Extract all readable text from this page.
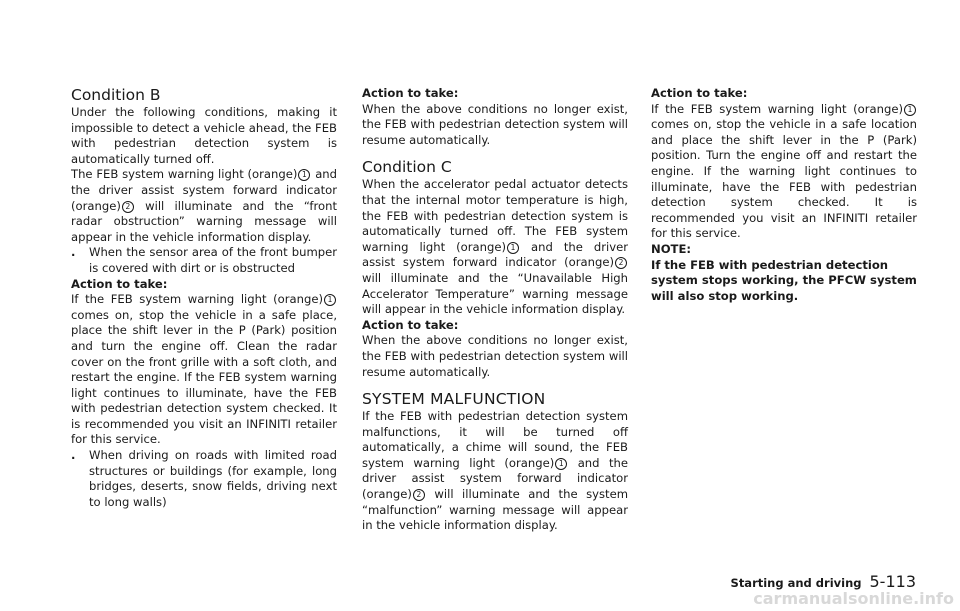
Condition B

Under the following conditions, making it impossible to detect a vehicle ahead, the FEB with pedestrian detection system is automatically turned off.

The FEB system warning light (orange) 1 and the driver assist system forward indicator (orange) 2 will illuminate and the “front radar obstruction” warning message will appear in the vehicle information display.

. When the sensor area of the front bumper is covered with dirt or is obstructed
Action to take:

If the FEB system warning light (orange) 1 comes on, stop the vehicle in a safe place, place the shift lever in the P (Park) position and turn the engine off. Clean the radar cover on the front grille with a soft cloth, and restart the engine. If the FEB system warning light continues to illuminate, have the FEB with pedestrian detection system checked. It is recommended you visit an INFINITI retailer for this service.

. When driving on roads with limited road structures or buildings (for example, long bridges, deserts, snow fields, driving next to long walls)
Action to take:

When the above conditions no longer exist, the FEB with pedestrian detection system will resume automatically.

Condition C

When the accelerator pedal actuator detects that the internal motor temperature is high, the FEB with pedestrian detection system is automatically turned off. The FEB system warning light (orange) 1 and the driver assist system forward indicator (orange) 2 will illuminate and the “Unavailable High Accelerator Temperature” warning message will appear in the vehicle information display.

Action to take:

When the above conditions no longer exist, the FEB with pedestrian detection system will resume automatically.

SYSTEM MALFUNCTION

If the FEB with pedestrian detection system malfunctions, it will be turned off automatically, a chime will sound, the FEB system warning light (orange) 1 and the driver assist system forward indicator (orange) 2 will illuminate and the system “malfunction” warning message will appear in the vehicle information display.

Action to take:

If the FEB system warning light (orange) 1 comes on, stop the vehicle in a safe location and place the shift lever in the P (Park) position. Turn the engine off and restart the engine. If the warning light continues to illuminate, have the FEB with pedestrian detection system checked. It is recommended you visit an INFINITI retailer for this service.

NOTE:
If the FEB with pedestrian detection system stops working, the PFCW system will also stop working.
Starting and driving 5-113
carmanualsonline.info
